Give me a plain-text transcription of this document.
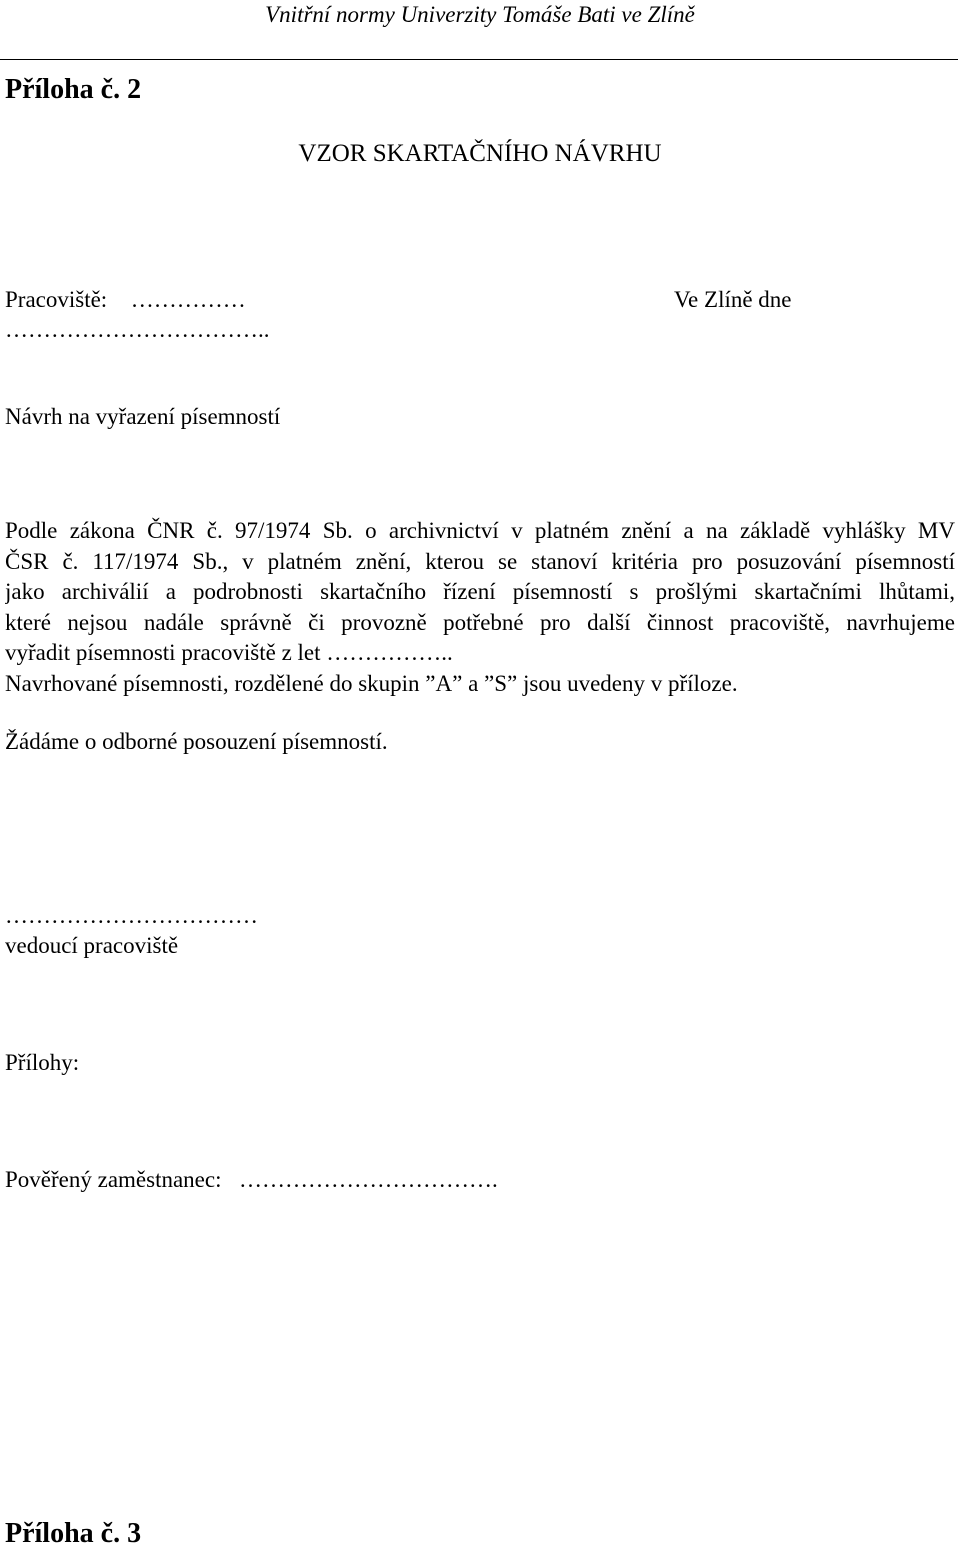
Vnitřní normy Univerzity Tomáše Bati ve Zlíně
Příloha č. 2
VZOR SKARTAČNÍHO NÁVRHU
Pracoviště: ……………	Ve Zlíně dne
……………………………..
Návrh na vyřazení písemností
Podle zákona ČNR č. 97/1974 Sb. o archivnictví v platném znění a na základě vyhlášky MV
ČSR č. 117/1974 Sb., v platném znění, kterou se stanoví kritéria pro posuzování písemností
jako archiválií a podrobnosti skartačního řízení písemností s prošlými skartačními lhůtami,
které nejsou nadále správně či provozně potřebné pro další činnost pracoviště, navrhujeme
vyřadit písemnosti pracoviště z let ……………..
Navrhované písemnosti, rozdělené do skupin ”A” a ”S” jsou uvedeny v příloze.
Žádáme o odborné posouzení písemností.
……………………………
vedoucí pracoviště
Přílohy:
Pověřený zaměstnanec: …………………………….
Příloha č. 3
